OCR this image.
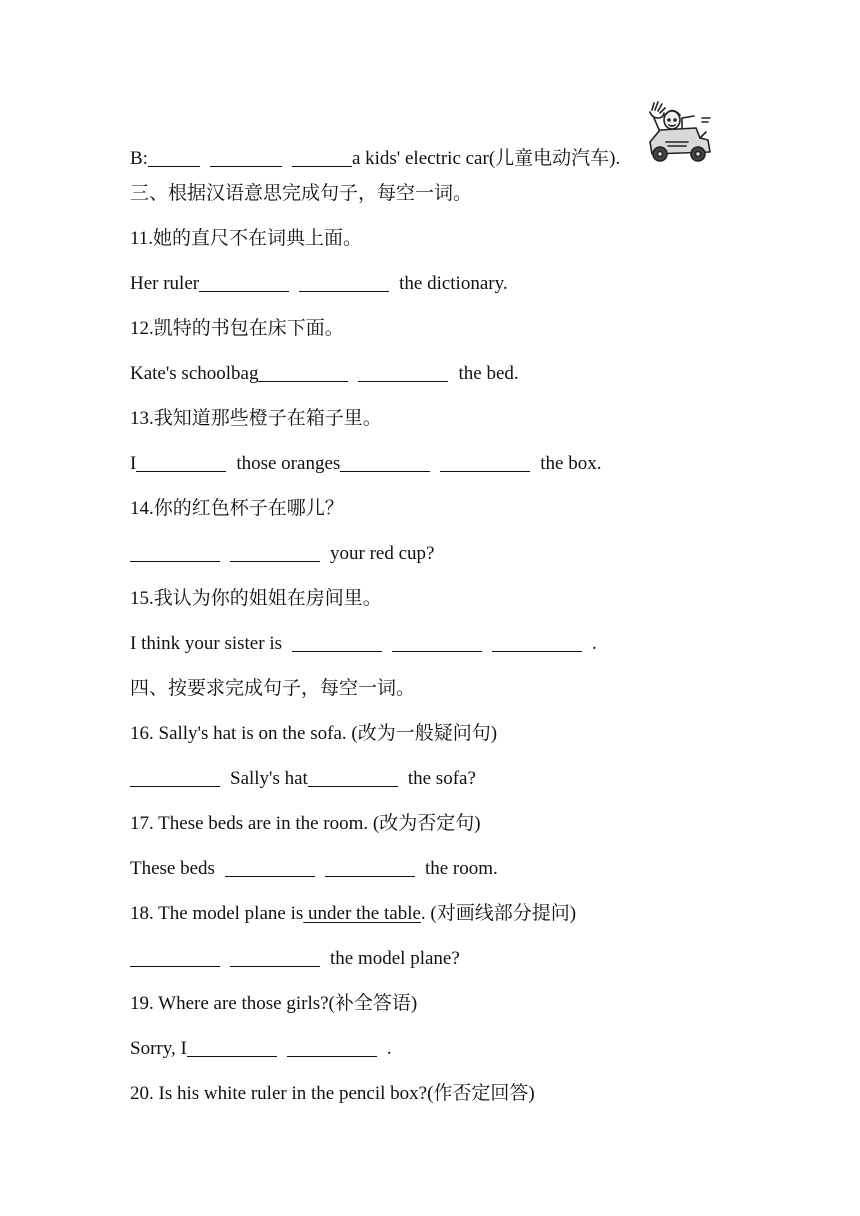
B:	a kids' electric car(儿童电动汽车).
三、根据汉语意思完成句子，每空一词。
11.她的直尺不在词典上面。
Her ruler	the dictionary.
12.凯特的书包在床下面。
Kate's schoolbag	the bed.
13.我知道那些橙子在箱子里。
I	those oranges	the box.
14.你的红色杯子在哪儿？
your red cup?
15.我认为你的姐姐在房间里。
I think your sister is	.
四、按要求完成句子，每空一词。
16. Sally's hat is on the sofa. (改为一般疑问句)
Sally's hat	the sofa?
17. These beds are in the room. (改为否定句)
These beds	the room.
18. The model plane is under the table. (对画线部分提问)
the model plane?
19. Where are those girls?(补全答语)
Sorry, I	.
20. Is his white ruler in the pencil box?(作否定回答)
